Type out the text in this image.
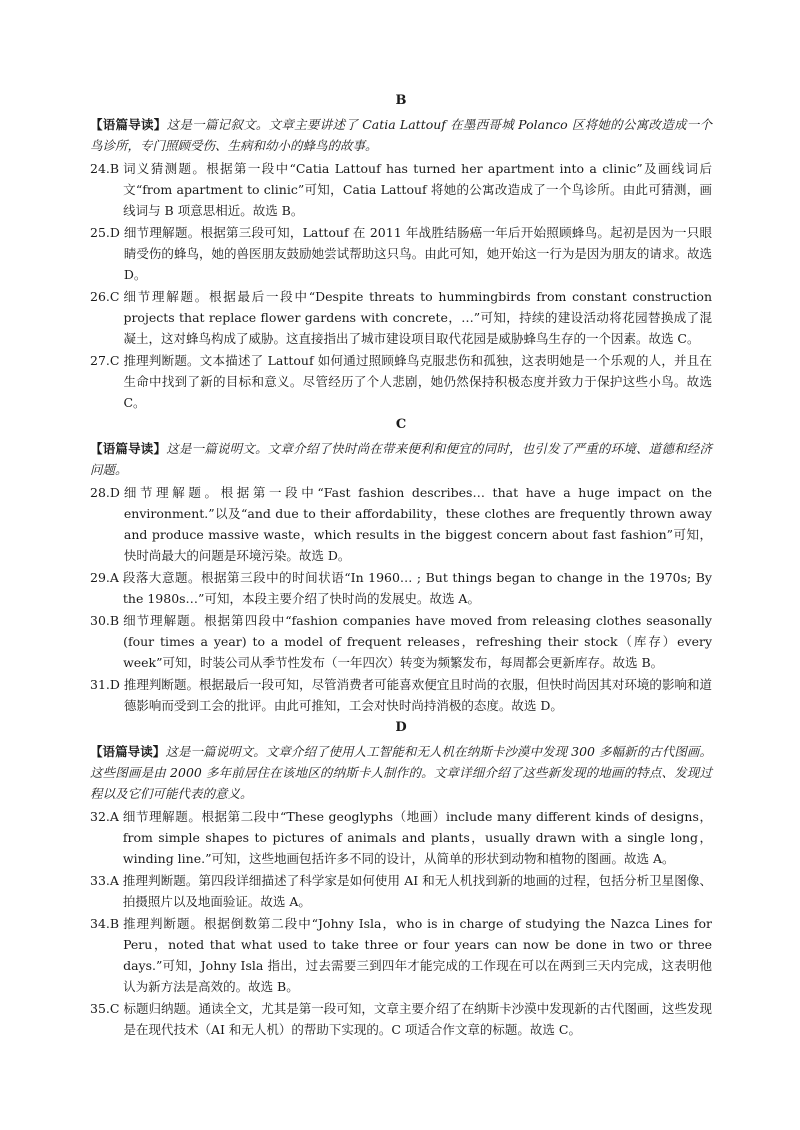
B

【语篇导读】这是一篇记叙文。文章主要讲述了 Catia Lattouf 在墨西哥城 Polanco 区将她的公寓改造成一个鸟诊所，专门照顾受伤、生病和幼小的蜂鸟的故事。

24.B
词义猜测题。根据第一段中“Catia Lattouf has turned her apartment into a clinic”及画线词后文“from apartment to clinic”可知，Catia Lattouf 将她的公寓改造成了一个鸟诊所。由此可猜测，画线词与 B 项意思相近。故选 B。
25.D
细节理解题。根据第三段可知，Lattouf 在 2011 年战胜结肠癌一年后开始照顾蜂鸟。起初是因为一只眼睛受伤的蜂鸟，她的兽医朋友鼓励她尝试帮助这只鸟。由此可知，她开始这一行为是因为朋友的请求。故选 D。
26.C
细节理解题。根据最后一段中“Despite threats to hummingbirds from constant construction projects that replace flower gardens with concrete，…”可知，持续的建设活动将花园替换成了混凝土，这对蜂鸟构成了威胁。这直接指出了城市建设项目取代花园是威胁蜂鸟生存的一个因素。故选 C。
27.C
推理判断题。文本描述了 Lattouf 如何通过照顾蜂鸟克服悲伤和孤独，这表明她是一个乐观的人，并且在生命中找到了新的目标和意义。尽管经历了个人悲剧，她仍然保持积极态度并致力于保护这些小鸟。故选 C。
C

【语篇导读】这是一篇说明文。文章介绍了快时尚在带来便利和便宜的同时，也引发了严重的环境、道德和经济问题。

28.D
细节理解题。根据第一段中“Fast fashion describes… that have a huge impact on the environment.”以及“and due to their affordability，these clothes are frequently thrown away and produce massive waste，which results in the biggest concern about fast fashion”可知，快时尚最大的问题是环境污染。故选 D。
29.A
段落大意题。根据第三段中的时间状语“In 1960… ; But things began to change in the 1970s; By the 1980s…”可知，本段主要介绍了快时尚的发展史。故选 A。
30.B
细节理解题。根据第四段中“fashion companies have moved from releasing clothes seasonally (four times a year) to a model of frequent releases，refreshing their stock（库存）every week”可知，时装公司从季节性发布（一年四次）转变为频繁发布，每周都会更新库存。故选 B。
31.D
推理判断题。根据最后一段可知，尽管消费者可能喜欢便宜且时尚的衣服，但快时尚因其对环境的影响和道德影响而受到工会的批评。由此可推知，工会对快时尚持消极的态度。故选 D。
D

【语篇导读】这是一篇说明文。文章介绍了使用人工智能和无人机在纳斯卡沙漠中发现 300 多幅新的古代图画。这些图画是由 2000 多年前居住在该地区的纳斯卡人制作的。文章详细介绍了这些新发现的地画的特点、发现过程以及它们可能代表的意义。

32.A
细节理解题。根据第二段中“These geoglyphs（地画）include many different kinds of designs，from simple shapes to pictures of animals and plants，usually drawn with a single long，winding line.”可知，这些地画包括许多不同的设计，从简单的形状到动物和植物的图画。故选 A。
33.A
推理判断题。第四段详细描述了科学家是如何使用 AI 和无人机找到新的地画的过程，包括分析卫星图像、拍摄照片以及地面验证。故选 A。
34.B
推理判断题。根据倒数第二段中“Johny Isla，who is in charge of studying the Nazca Lines for Peru，noted that what used to take three or four years can now be done in two or three days.”可知，Johny Isla 指出，过去需要三到四年才能完成的工作现在可以在两到三天内完成，这表明他认为新方法是高效的。故选 B。
35.C
标题归纳题。通读全文，尤其是第一段可知，文章主要介绍了在纳斯卡沙漠中发现新的古代图画，这些发现是在现代技术（AI 和无人机）的帮助下实现的。C 项适合作文章的标题。故选 C。
